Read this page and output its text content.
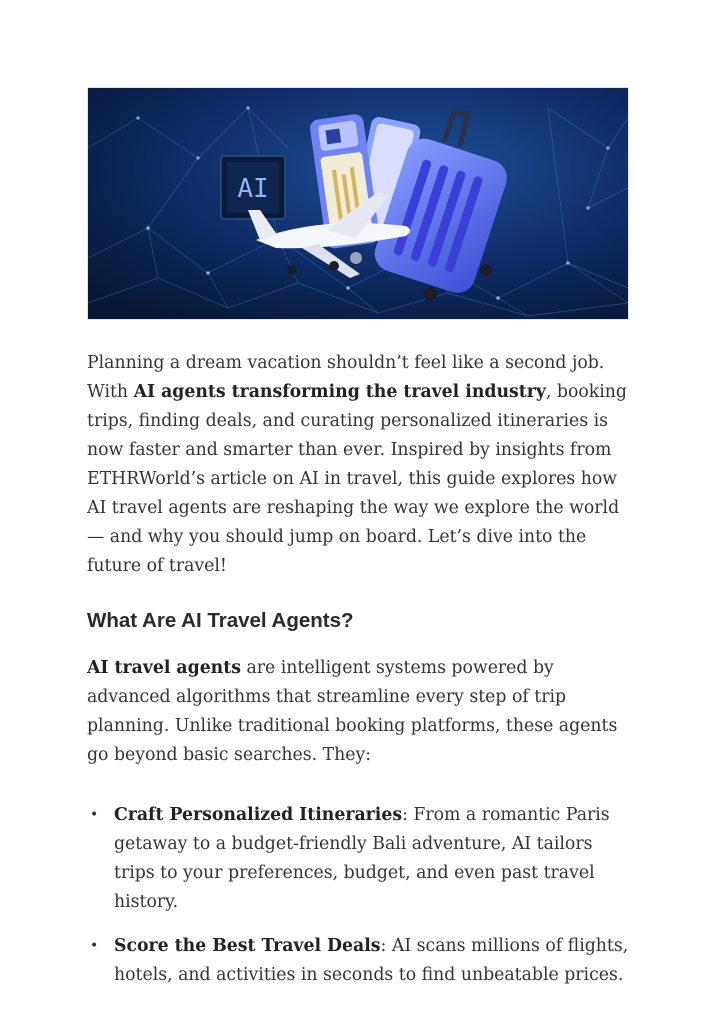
AI

Planning a dream vacation shouldn’t feel like a second job. With AI agents transforming the travel industry, booking trips, finding deals, and curating personalized itineraries is now faster and smarter than ever. Inspired by insights from ETHRWorld’s article on AI in travel, this guide explores how AI travel agents are reshaping the way we explore the world — and why you should jump on board. Let’s dive into the future of travel!

What Are AI Travel Agents?

AI travel agents are intelligent systems powered by advanced algorithms that streamline every step of trip planning. Unlike traditional booking platforms, these agents go beyond basic searches. They:

• Craft Personalized Itineraries: From a romantic Paris getaway to a budget-friendly Bali adventure, AI tailors trips to your preferences, budget, and even past travel history.
• Score the Best Travel Deals: AI scans millions of flights, hotels, and activities in seconds to find unbeatable prices.
